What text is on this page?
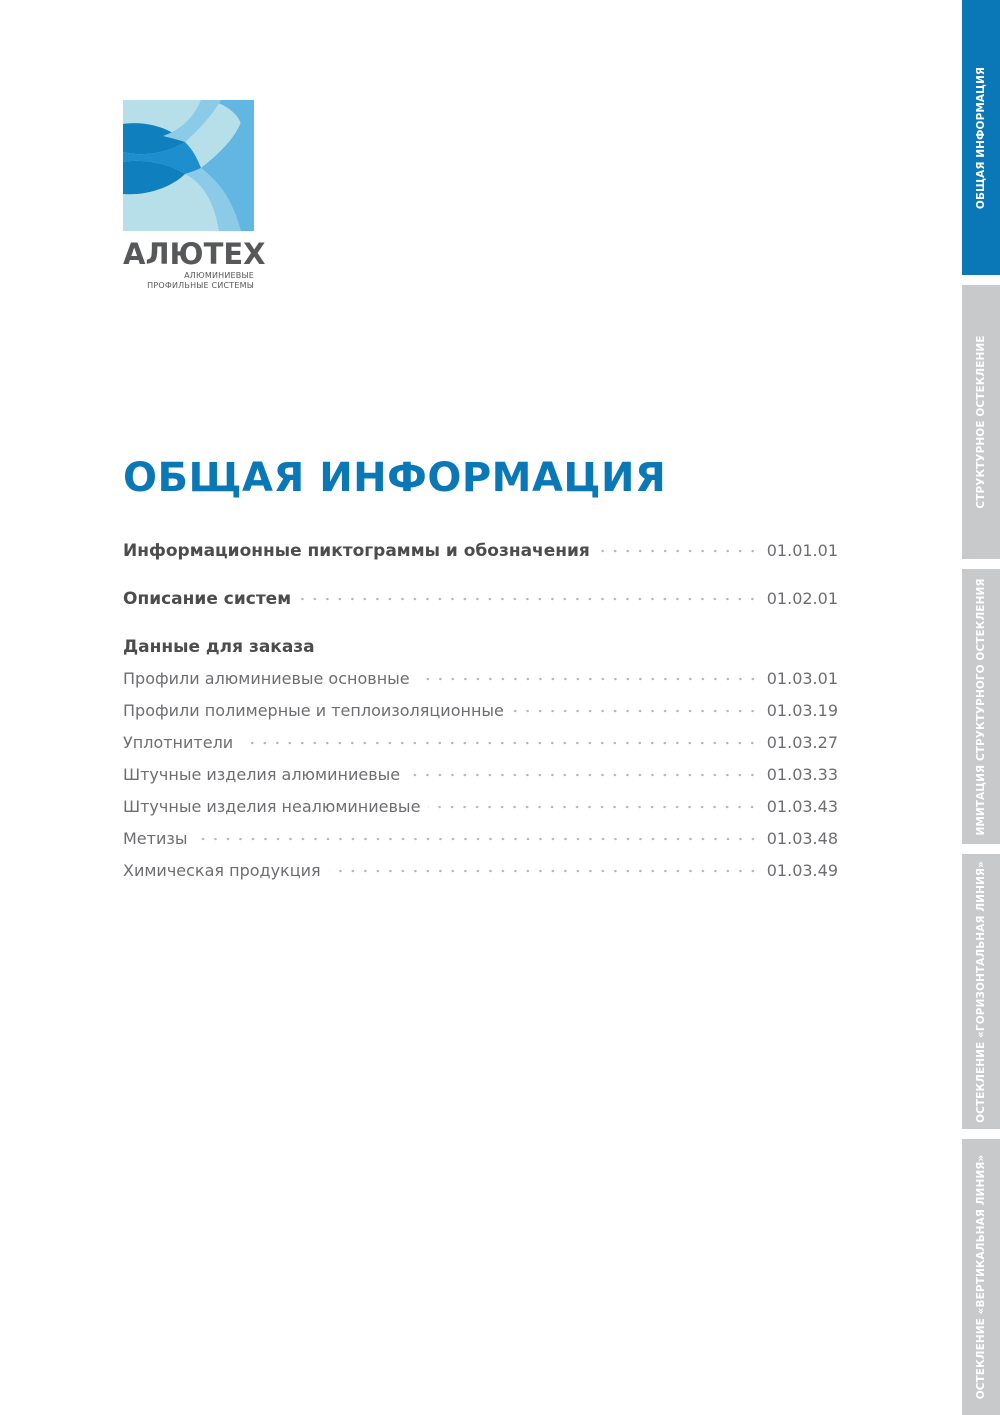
АЛЮТЕХ
АЛЮМИНИЕВЫЕ
ПРОФИЛЬНЫЕ СИСТЕМЫ
ОБЩАЯ ИНФОРМАЦИЯ
Информационные пиктограммы и обозначения	01.01.01
Описание систем	01.02.01
Данные для заказа
Профили алюминиевые основные	01.03.01
Профили полимерные и теплоизоляционные	01.03.19
Уплотнители	01.03.27
Штучные изделия алюминиевые	01.03.33
Штучные изделия неалюминиевые	01.03.43
Метизы	01.03.48
Химическая продукция	01.03.49
ОБЩАЯ ИНФОРМАЦИЯ
СТРУКТУРНОЕ ОСТЕКЛЕНИЕ
ИМИТАЦИЯ СТРУКТУРНОГО ОСТЕКЛЕНИЯ
ОСТЕКЛЕНИЕ «ГОРИЗОНТАЛЬНАЯ ЛИНИЯ»
ОСТЕКЛЕНИЕ «ВЕРТИКАЛЬНАЯ ЛИНИЯ»
